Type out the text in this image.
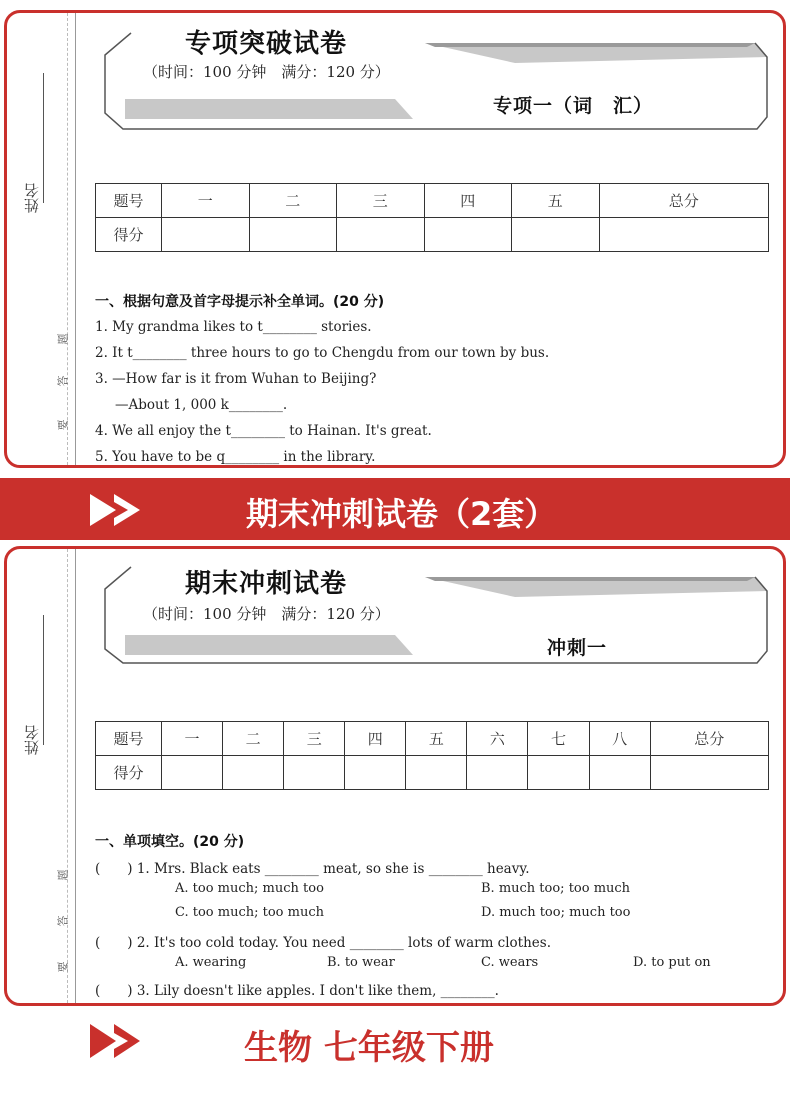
姓名
题
答
要
专项突破试卷
（时间：100 分钟　满分：120 分）
专项一（词　汇）
题号	一	二	三	四	五	总分
得分						
一、根据句意及首字母提示补全单词。(20 分)
1. My grandma likes to t________ stories.
2. It t________ three hours to go to Chengdu from our town by bus.
3. —How far is it from Wuhan to Beijing?
—About 1, 000 k________.
4. We all enjoy the t________ to Hainan. It's great.
5. You have to be q________ in the library.
期末冲刺试卷（2套）
姓名
题
答
要
期末冲刺试卷
（时间：100 分钟　满分：120 分）
冲刺一
题号	一	二	三	四	五	六	七	八	总分
得分									
一、单项填空。(20 分)
(　　) 1. Mrs. Black eats ________ meat, so she is ________ heavy.
A. too much; much too	B. much too; too much
C. too much; too much	D. much too; much too
(　　) 2. It's too cold today. You need ________ lots of warm clothes.
A. wearing	B. to wear	C. wears	D. to put on
(　　) 3. Lily doesn't like apples. I don't like them, ________.
生物 七年级下册
